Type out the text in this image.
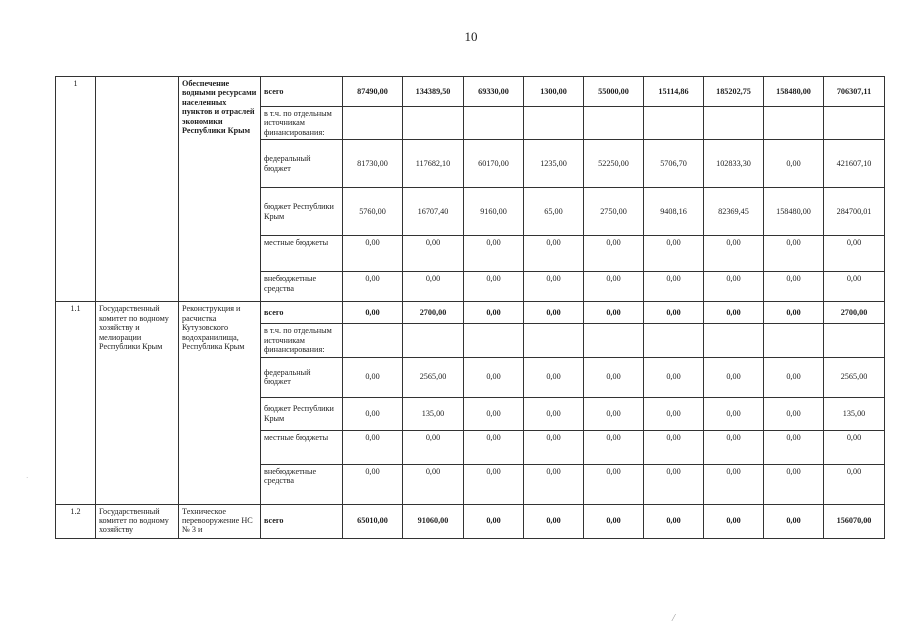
10
1		Обеспечение водными ресурсами населенных пунктов и отраслей экономики Республики Крым	всего	87490,00	134389,50	69330,00	1300,00	55000,00	15114,86	185202,75	158480,00	706307,11
			в т.ч. по отдельным источникам финансирования:									
			федеральный бюджет	81730,00	117682,10	60170,00	1235,00	52250,00	5706,70	102833,30	0,00	421607,10
			бюджет Республики Крым	5760,00	16707,40	9160,00	65,00	2750,00	9408,16	82369,45	158480,00	284700,01
			местные бюджеты	0,00	0,00	0,00	0,00	0,00	0,00	0,00	0,00	0,00
			внебюджетные средства	0,00	0,00	0,00	0,00	0,00	0,00	0,00	0,00	0,00
1.1	Государственный комитет по водному хозяйству и мелиорации Республики Крым	Реконструкция и расчистка Кутузовского водохранилища, Республика Крым	всего	0,00	2700,00	0,00	0,00	0,00	0,00	0,00	0,00	2700,00
			в т.ч. по отдельным источникам финансирования:									
			федеральный бюджет	0,00	2565,00	0,00	0,00	0,00	0,00	0,00	0,00	2565,00
			бюджет Республики Крым	0,00	135,00	0,00	0,00	0,00	0,00	0,00	0,00	135,00
			местные бюджеты	0,00	0,00	0,00	0,00	0,00	0,00	0,00	0,00	0,00
			внебюджетные средства	0,00	0,00	0,00	0,00	0,00	0,00	0,00	0,00	0,00
1.2	Государственный комитет по водному хозяйству	Техническое перевооружение НС № 3 и	всего	65010,00	91060,00	0,00	0,00	0,00	0,00	0,00	0,00	156070,00
·
/
